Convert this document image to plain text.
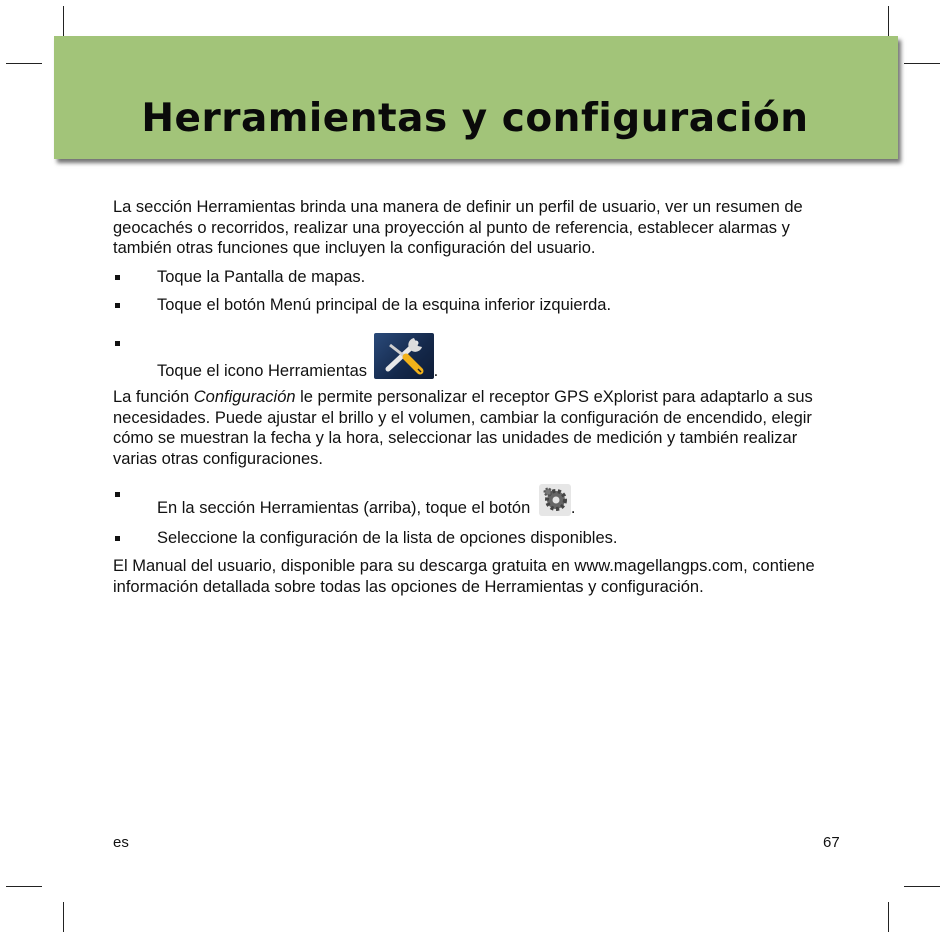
Herramientas y configuración

La sección Herramientas brinda una manera de definir un perfil de usuario, ver un resumen de geocachés o recorridos, realizar una proyección al punto de referencia, establecer alarmas y también otras funciones que incluyen la configuración del usuario.

Toque la Pantalla de mapas.

Toque el botón Menú principal de la esquina inferior izquierda.

Toque el icono Herramientas	.

La función Configuración le permite personalizar el receptor GPS eXplorist para adaptarlo a sus necesidades. Puede ajustar el brillo y el volumen, cambiar la configuración de encendido, elegir cómo se muestran la fecha y la hora, seleccionar las unidades de medición y también realizar varias otras configuraciones.

En la sección Herramientas (arriba), toque el botón .

Seleccione la configuración de la lista de opciones disponibles.

El Manual del usuario, disponible para su descarga gratuita en www.magellangps.com, contiene información detallada sobre todas las opciones de Herramientas y configuración.

es	67
